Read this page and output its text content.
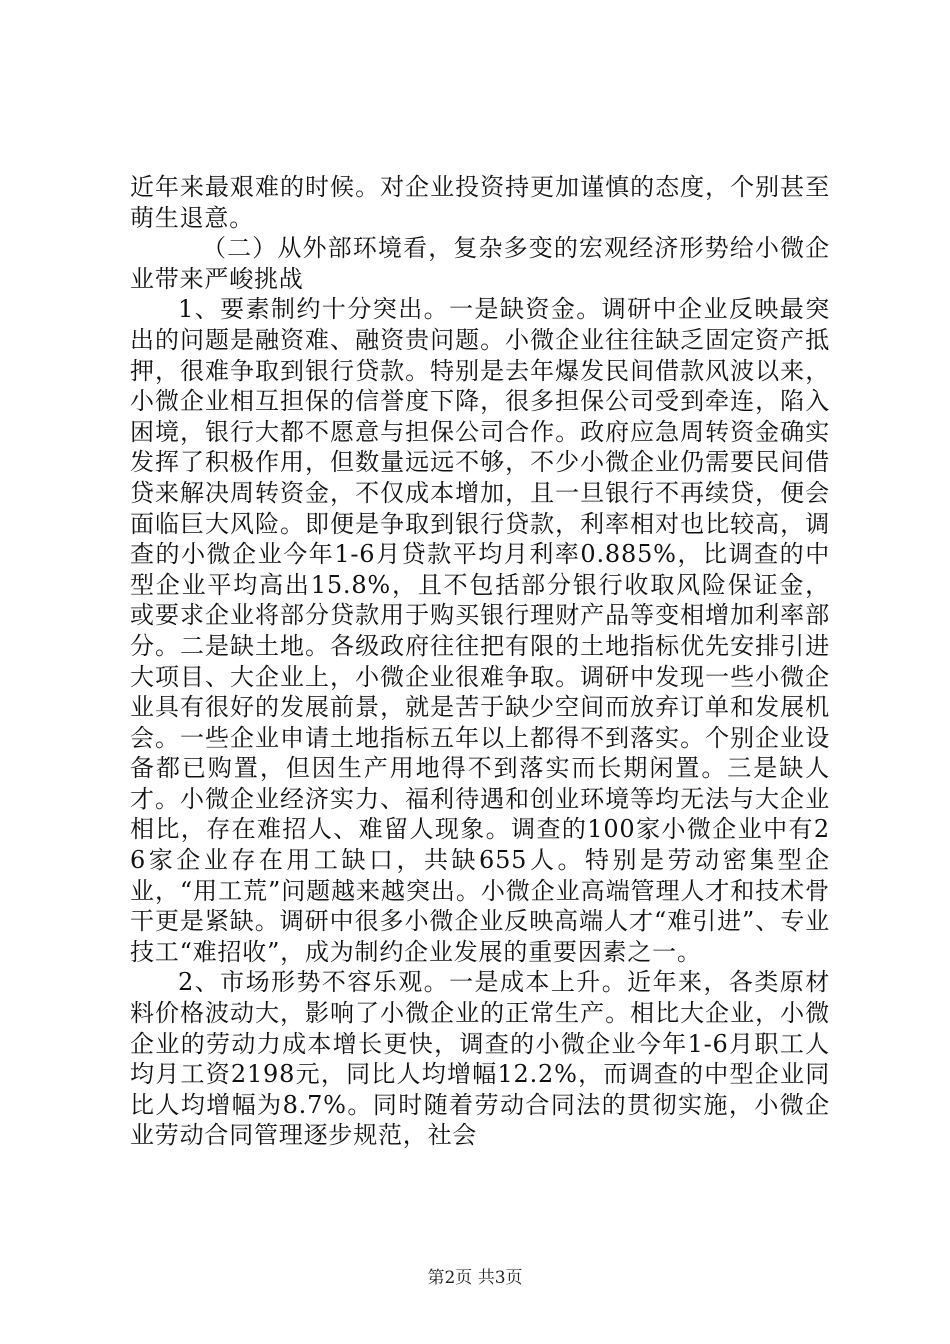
近年来最艰难的时候。对企业投资持更加谨慎的态度，个别甚至萌生退意。

（二）从外部环境看，复杂多变的宏观经济形势给小微企业带来严峻挑战

1、要素制约十分突出。一是缺资金。调研中企业反映最突出的问题是融资难、融资贵问题。小微企业往往缺乏固定资产抵押，很难争取到银行贷款。特别是去年爆发民间借款风波以来，小微企业相互担保的信誉度下降，很多担保公司受到牵连，陷入困境，银行大都不愿意与担保公司合作。政府应急周转资金确实发挥了积极作用，但数量远远不够，不少小微企业仍需要民间借贷来解决周转资金，不仅成本增加，且一旦银行不再续贷，便会面临巨大风险。即便是争取到银行贷款，利率相对也比较高，调查的小微企业今年1-6月贷款平均月利率0.885%，比调查的中型企业平均高出15.8%，且不包括部分银行收取风险保证金，或要求企业将部分贷款用于购买银行理财产品等变相增加利率部分。二是缺土地。各级政府往往把有限的土地指标优先安排引进大项目、大企业上，小微企业很难争取。调研中发现一些小微企业具有很好的发展前景，就是苦于缺少空间而放弃订单和发展机会。一些企业申请土地指标五年以上都得不到落实。个别企业设备都已购置，但因生产用地得不到落实而长期闲置。三是缺人才。小微企业经济实力、福利待遇和创业环境等均无法与大企业相比，存在难招人、难留人现象。调查的100家小微企业中有26家企业存在用工缺口，共缺655人。特别是劳动密集型企业，“用工荒”问题越来越突出。小微企业高端管理人才和技术骨干更是紧缺。调研中很多小微企业反映高端人才“难引进”、专业技工“难招收”，成为制约企业发展的重要因素之一。

2、市场形势不容乐观。一是成本上升。近年来，各类原材料价格波动大，影响了小微企业的正常生产。相比大企业，小微企业的劳动力成本增长更快，调查的小微企业今年1-6月职工人均月工资2198元，同比人均增幅12.2%，而调查的中型企业同比人均增幅为8.7%。同时随着劳动合同法的贯彻实施，小微企业劳动合同管理逐步规范，社会

第2页 共3页
